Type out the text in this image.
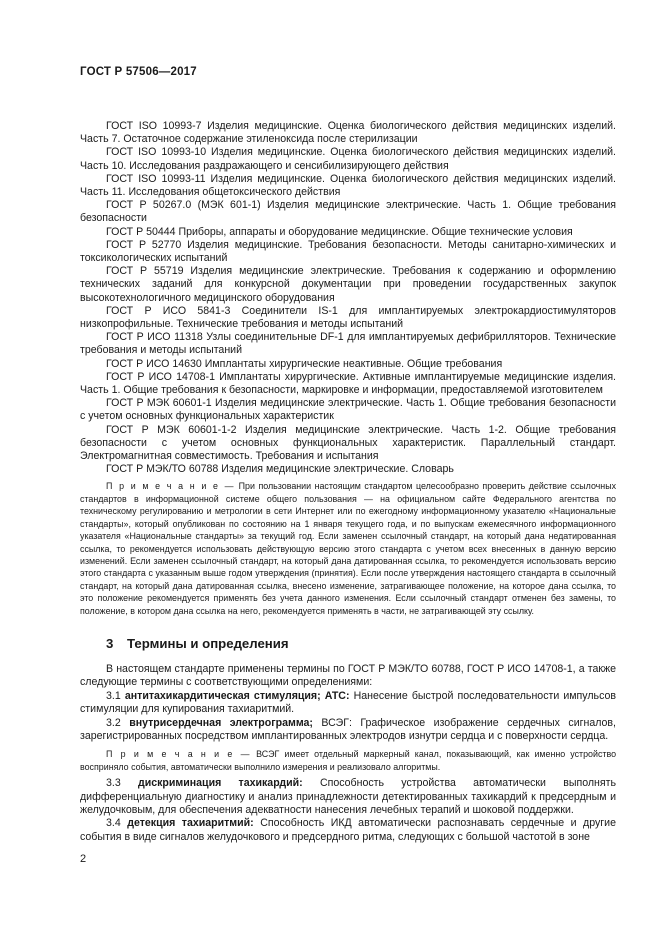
ГОСТ Р 57506—2017

ГОСТ ISO 10993-7 Изделия медицинские. Оценка биологического действия медицинских изделий. Часть 7. Остаточное содержание этиленоксида после стерилизации

ГОСТ ISO 10993-10 Изделия медицинские. Оценка биологического действия медицинских изделий. Часть 10. Исследования раздражающего и сенсибилизирующего действия

ГОСТ ISO 10993-11 Изделия медицинские. Оценка биологического действия медицинских изделий. Часть 11. Исследования общетоксического действия

ГОСТ Р 50267.0 (МЭК 601-1) Изделия медицинские электрические. Часть 1. Общие требования безопасности

ГОСТ Р 50444 Приборы, аппараты и оборудование медицинские. Общие технические условия

ГОСТ Р 52770 Изделия медицинские. Требования безопасности. Методы санитарно-химических и токсикологических испытаний

ГОСТ Р 55719 Изделия медицинские электрические. Требования к содержанию и оформлению технических заданий для конкурсной документации при проведении государственных закупок высокотехнологичного медицинского оборудования

ГОСТ Р ИСО 5841-3 Соединители IS-1 для имплантируемых электрокардиостимуляторов низкопрофильные. Технические требования и методы испытаний

ГОСТ Р ИСО 11318 Узлы соединительные DF-1 для имплантируемых дефибрилляторов. Технические требования и методы испытаний

ГОСТ Р ИСО 14630 Имплантаты хирургические неактивные. Общие требования

ГОСТ Р ИСО 14708-1 Имплантаты хирургические. Активные имплантируемые медицинские изделия. Часть 1. Общие требования к безопасности, маркировке и информации, предоставляемой изготовителем

ГОСТ Р МЭК 60601-1 Изделия медицинские электрические. Часть 1. Общие требования безопасности с учетом основных функциональных характеристик

ГОСТ Р МЭК 60601-1-2 Изделия медицинские электрические. Часть 1-2. Общие требования безопасности с учетом основных функциональных характеристик. Параллельный стандарт. Электромагнитная совместимость. Требования и испытания

ГОСТ Р МЭК/ТО 60788 Изделия медицинские электрические. Словарь

П р и м е ч а н и е — При пользовании настоящим стандартом целесообразно проверить действие ссылочных стандартов в информационной системе общего пользования — на официальном сайте Федерального агентства по техническому регулированию и метрологии в сети Интернет или по ежегодному информационному указателю «Национальные стандарты», который опубликован по состоянию на 1 января текущего года, и по выпускам ежемесячного информационного указателя «Национальные стандарты» за текущий год. Если заменен ссылочный стандарт, на который дана недатированная ссылка, то рекомендуется использовать действующую версию этого стандарта с учетом всех внесенных в данную версию изменений. Если заменен ссылочный стандарт, на который дана датированная ссылка, то рекомендуется использовать версию этого стандарта с указанным выше годом утверждения (принятия). Если после утверждения настоящего стандарта в ссылочный стандарт, на который дана датированная ссылка, внесено изменение, затрагивающее положение, на которое дана ссылка, то это положение рекомендуется применять без учета данного изменения. Если ссылочный стандарт отменен без замены, то положение, в котором дана ссылка на него, рекомендуется применять в части, не затрагивающей эту ссылку.

3 Термины и определения

В настоящем стандарте применены термины по ГОСТ Р МЭК/ТО 60788, ГОСТ Р ИСО 14708-1, а также следующие термины с соответствующими определениями:

3.1 антитахикардитическая стимуляция; АТС: Нанесение быстрой последовательности импульсов стимуляции для купирования тахиаритмий.

3.2 внутрисердечная электрограмма; ВСЭГ: Графическое изображение сердечных сигналов, зарегистрированных посредством имплантированных электродов изнутри сердца и с поверхности сердца.

П р и м е ч а н и е — ВСЭГ имеет отдельный маркерный канал, показывающий, как именно устройство восприняло события, автоматически выполнило измерения и реализовало алгоритмы.

3.3 дискриминация тахикардий: Способность устройства автоматически выполнять дифференциальную диагностику и анализ принадлежности детектированных тахикардий к предсердным и желудочковым, для обеспечения адекватности нанесения лечебных терапий и шоковой поддержки.

3.4 детекция тахиаритмий: Способность ИКД автоматически распознавать сердечные и другие события в виде сигналов желудочкового и предсердного ритма, следующих с большой частотой в зоне

2
